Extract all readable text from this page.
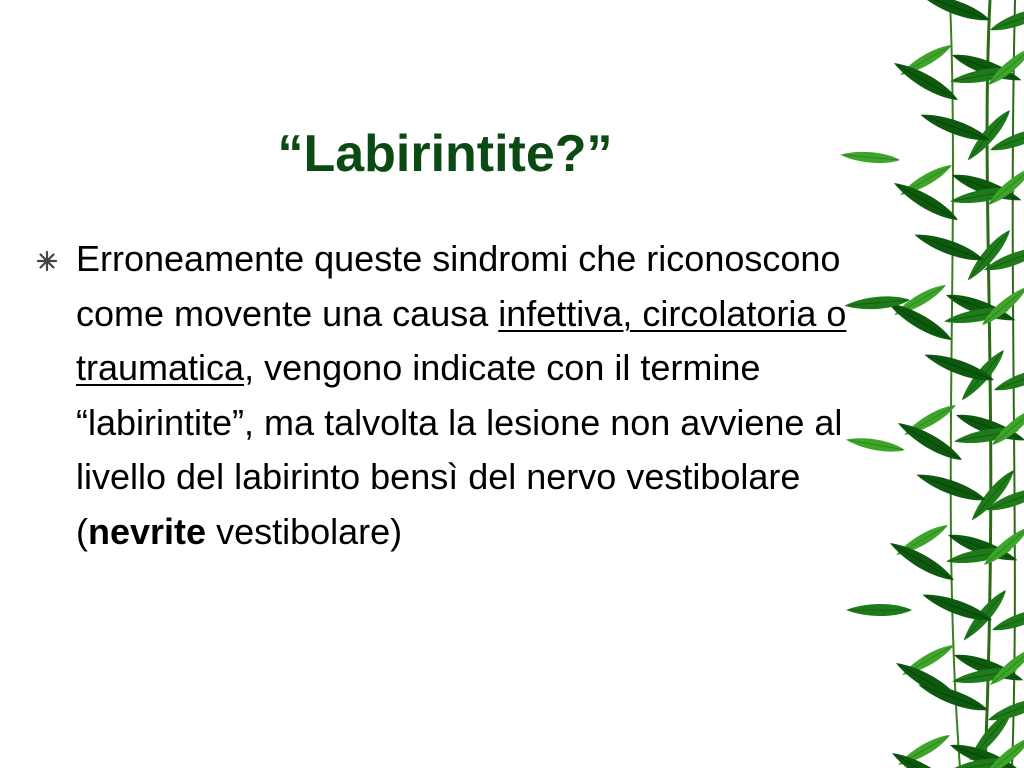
“Labirintite?”
Erroneamente queste sindromi che riconoscono come movente una causa infettiva, circolatoria o traumatica, vengono indicate con il termine “labirintite”, ma talvolta la lesione non avviene al livello del labirinto bensì del nervo vestibolare (nevrite vestibolare)
